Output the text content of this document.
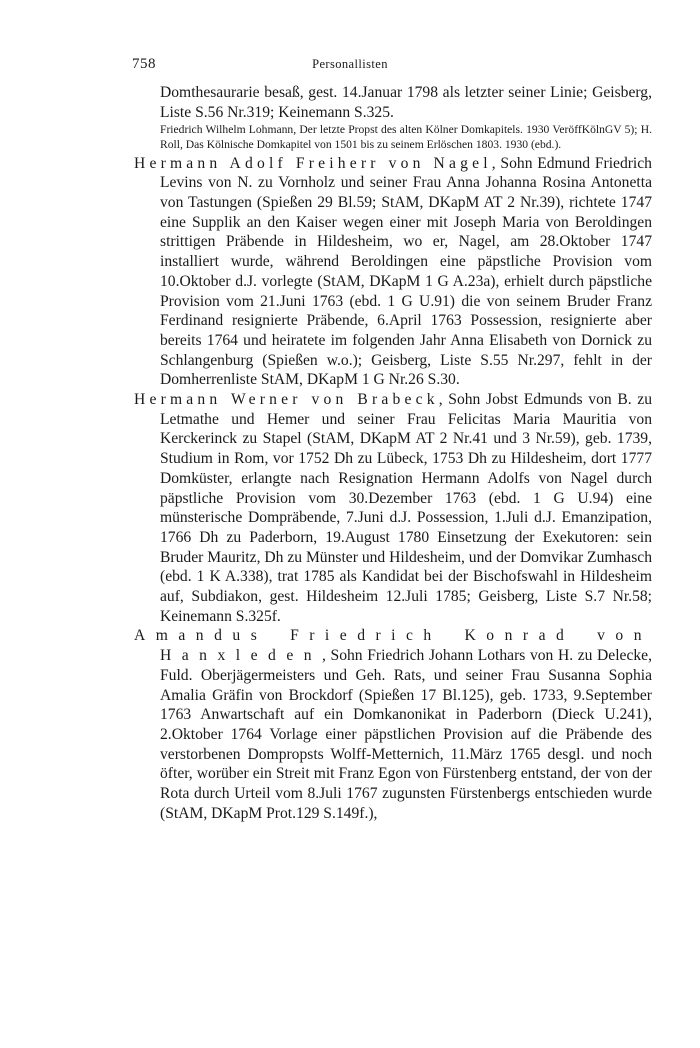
758	Personallisten

Domthesaurarie besaß, gest. 14.Januar 1798 als letzter seiner Linie; Geisberg, Liste S.56 Nr.319; Keinemann S.325.

Friedrich Wilhelm Lohmann, Der letzte Propst des alten Kölner Domkapitels. 1930 VeröffKölnGV 5); H. Roll, Das Kölnische Domkapitel von 1501 bis zu seinem Erlöschen 1803. 1930 (ebd.).

Hermann Adolf Freiherr von Nagel, Sohn Edmund Friedrich Levins von N. zu Vornholz und seiner Frau Anna Johanna Rosina Antonetta von Tastungen (Spießen 29 Bl.59; StAM, DKapM AT 2 Nr.39), richtete 1747 eine Supplik an den Kaiser wegen einer mit Joseph Maria von Beroldingen strittigen Präbende in Hildesheim, wo er, Nagel, am 28.Oktober 1747 installiert wurde, während Beroldingen eine päpstliche Provision vom 10.Oktober d.J. vorlegte (StAM, DKapM 1 G A.23a), erhielt durch päpstliche Provision vom 21.Juni 1763 (ebd. 1 G U.91) die von seinem Bruder Franz Ferdinand resignierte Präbende, 6.April 1763 Possession, resignierte aber bereits 1764 und heiratete im folgenden Jahr Anna Elisabeth von Dornick zu Schlangenburg (Spießen w.o.); Geisberg, Liste S.55 Nr.297, fehlt in der Domherrenliste StAM, DKapM 1 G Nr.26 S.30.

Hermann Werner von Brabeck, Sohn Jobst Edmunds von B. zu Letmathe und Hemer und seiner Frau Felicitas Maria Mauritia von Kerckerinck zu Stapel (StAM, DKapM AT 2 Nr.41 und 3 Nr.59), geb. 1739, Studium in Rom, vor 1752 Dh zu Lübeck, 1753 Dh zu Hildesheim, dort 1777 Domküster, erlangte nach Resignation Hermann Adolfs von Nagel durch päpstliche Provision vom 30.Dezember 1763 (ebd. 1 G U.94) eine münsterische Dompräbende, 7.Juni d.J. Possession, 1.Juli d.J. Emanzipation, 1766 Dh zu Paderborn, 19.August 1780 Einsetzung der Exekutoren: sein Bruder Mauritz, Dh zu Münster und Hildesheim, und der Domvikar Zumhasch (ebd. 1 K A.338), trat 1785 als Kandidat bei der Bischofswahl in Hildesheim auf, Subdiakon, gest. Hildesheim 12.Juli 1785; Geisberg, Liste S.7 Nr.58; Keinemann S.325f.

Amandus Friedrich Konrad von Hanxleden, Sohn Friedrich Johann Lothars von H. zu Delecke, Fuld. Oberjägermeisters und Geh. Rats, und seiner Frau Susanna Sophia Amalia Gräfin von Brockdorf (Spießen 17 Bl.125), geb. 1733, 9.September 1763 Anwartschaft auf ein Domkanonikat in Paderborn (Dieck U.241), 2.Oktober 1764 Vorlage einer päpstlichen Provision auf die Präbende des verstorbenen Dompropsts Wolff-Metternich, 11.März 1765 desgl. und noch öfter, worüber ein Streit mit Franz Egon von Fürstenberg entstand, der von der Rota durch Urteil vom 8.Juli 1767 zugunsten Fürstenbergs entschieden wurde (StAM, DKapM Prot.129 S.149f.),
